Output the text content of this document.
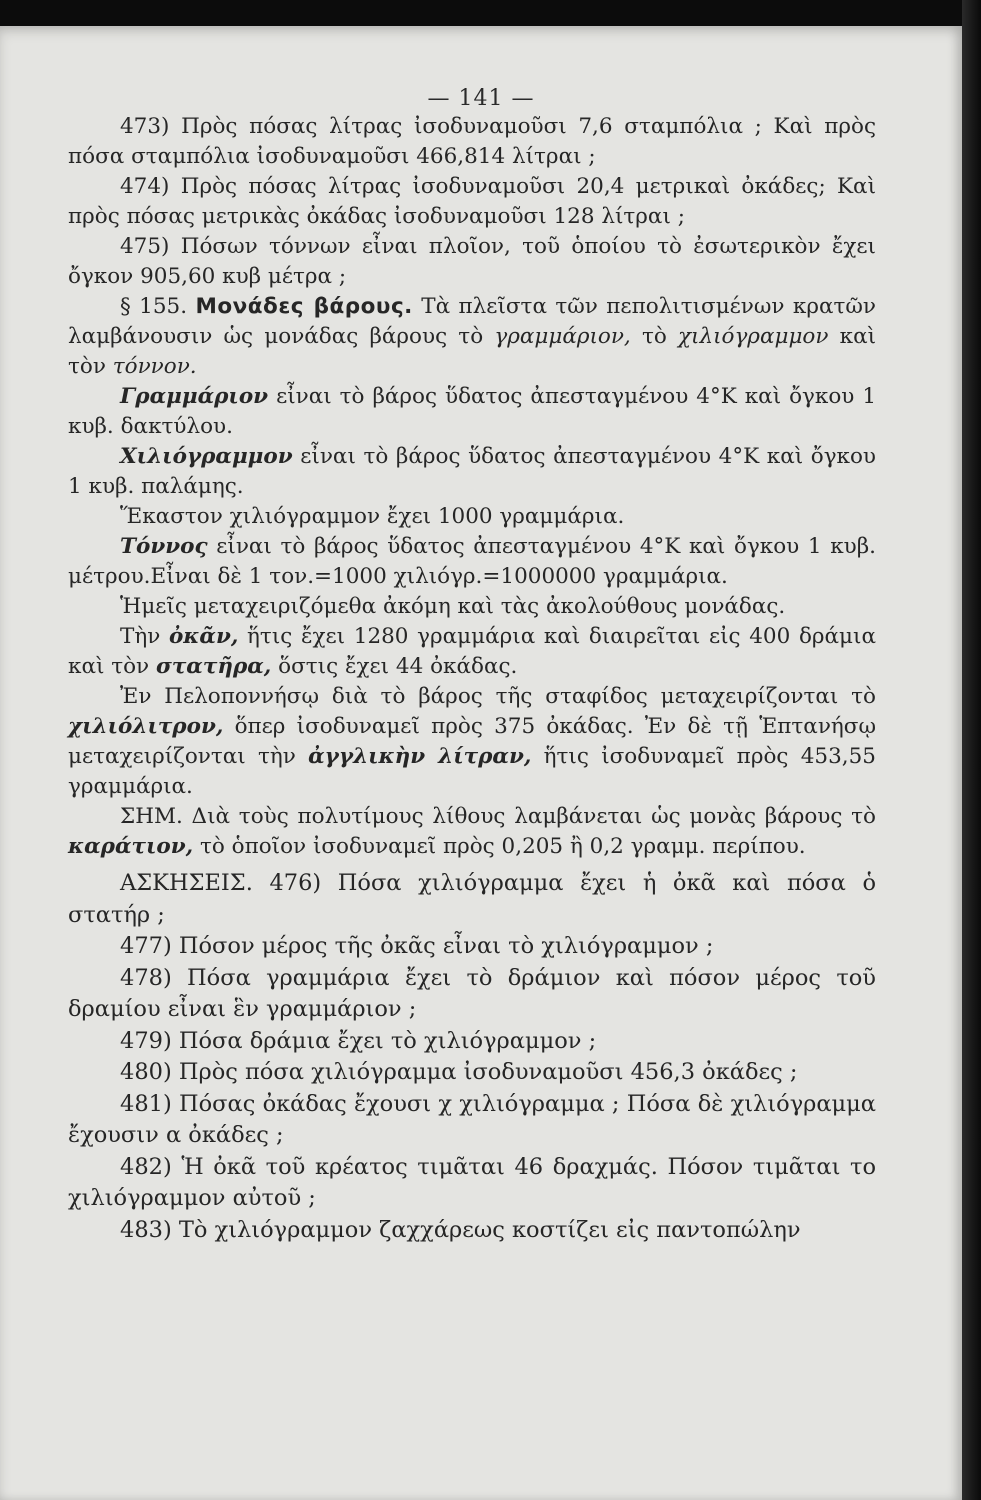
— 141 —

473) Πρὸς πόσας λίτρας ἰσοδυναμοῦσι 7,6 σταμπόλια ; Καὶ πρὸς πόσα σταμπόλια ἰσοδυναμοῦσι 466,814 λίτραι ;

474) Πρὸς πόσας λίτρας ἰσοδυναμοῦσι 20,4 μετρικαὶ ὀκάδες; Καὶ πρὸς πόσας μετρικὰς ὀκάδας ἰσοδυναμοῦσι 128 λίτραι ;

475) Πόσων τόννων εἶναι πλοῖον, τοῦ ὁποίου τὸ ἐσωτερικὸν ἔχει ὄγκον 905,60 κυβ μέτρα ;

§ 155. Μονάδες βάρους. Τὰ πλεῖστα τῶν πεπολιτισμένων κρατῶν λαμβάνουσιν ὡς μονάδας βάρους τὸ γραμμάριον, τὸ χιλιόγραμμον καὶ τὸν τόννον.

Γραμμάριον εἶναι τὸ βάρος ὕδατος ἀπεσταγμένου 4°K καὶ ὄγκου 1 κυβ. δακτύλου.

Χιλιόγραμμον εἶναι τὸ βάρος ὕδατος ἀπεσταγμένου 4°K καὶ ὄγκου 1 κυβ. παλάμης.

Ἕκαστον χιλιόγραμμον ἔχει 1000 γραμμάρια.

Τόννος εἶναι τὸ βάρος ὕδατος ἀπεσταγμένου 4°K καὶ ὄγκου 1 κυβ. μέτρου.Εἶναι δὲ 1 τον.=1000 χιλιόγρ.=1000000 γραμμάρια.

Ἡμεῖς μεταχειριζόμεθα ἀκόμη καὶ τὰς ἀκολούθους μονάδας.

Τὴν ὀκᾶν, ἥτις ἔχει 1280 γραμμάρια καὶ διαιρεῖται εἰς 400 δράμια καὶ τὸν στατῆρα, ὅστις ἔχει 44 ὀκάδας.

Ἐν Πελοποννήσῳ διὰ τὸ βάρος τῆς σταφίδος μεταχειρίζονται τὸ χιλιόλιτρον, ὅπερ ἰσοδυναμεῖ πρὸς 375 ὀκάδας. Ἐν δὲ τῇ Ἑπτανήσῳ μεταχειρίζονται τὴν ἀγγλικὴν λίτραν, ἥτις ἰσοδυναμεῖ πρὸς 453,55 γραμμάρια.

ΣΗΜ. Διὰ τοὺς πολυτίμους λίθους λαμβάνεται ὡς μονὰς βάρους τὸ καράτιον, τὸ ὁποῖον ἰσοδυναμεῖ πρὸς 0,205 ἢ 0,2 γραμμ. περίπου.

ΑΣΚΗΣΕΙΣ. 476) Πόσα χιλιόγραμμα ἔχει ἡ ὀκᾶ καὶ πόσα ὁ στατήρ ;

477) Πόσον μέρος τῆς ὀκᾶς εἶναι τὸ χιλιόγραμμον ;

478) Πόσα γραμμάρια ἔχει τὸ δράμιον καὶ πόσον μέρος τοῦ δραμίου εἶναι ἓν γραμμάριον ;

479) Πόσα δράμια ἔχει τὸ χιλιόγραμμον ;

480) Πρὸς πόσα χιλιόγραμμα ἰσοδυναμοῦσι 456,3 ὀκάδες ;

481) Πόσας ὀκάδας ἔχουσι χ χιλιόγραμμα ; Πόσα δὲ χιλιόγραμμα ἔχουσιν α ὀκάδες ;

482) Ἡ ὀκᾶ τοῦ κρέατος τιμᾶται 46 δραχμάς. Πόσον τιμᾶται το χιλιόγραμμον αὐτοῦ ;

483) Τὸ χιλιόγραμμον ζαχχάρεως κοστίζει εἰς παντοπώλην
